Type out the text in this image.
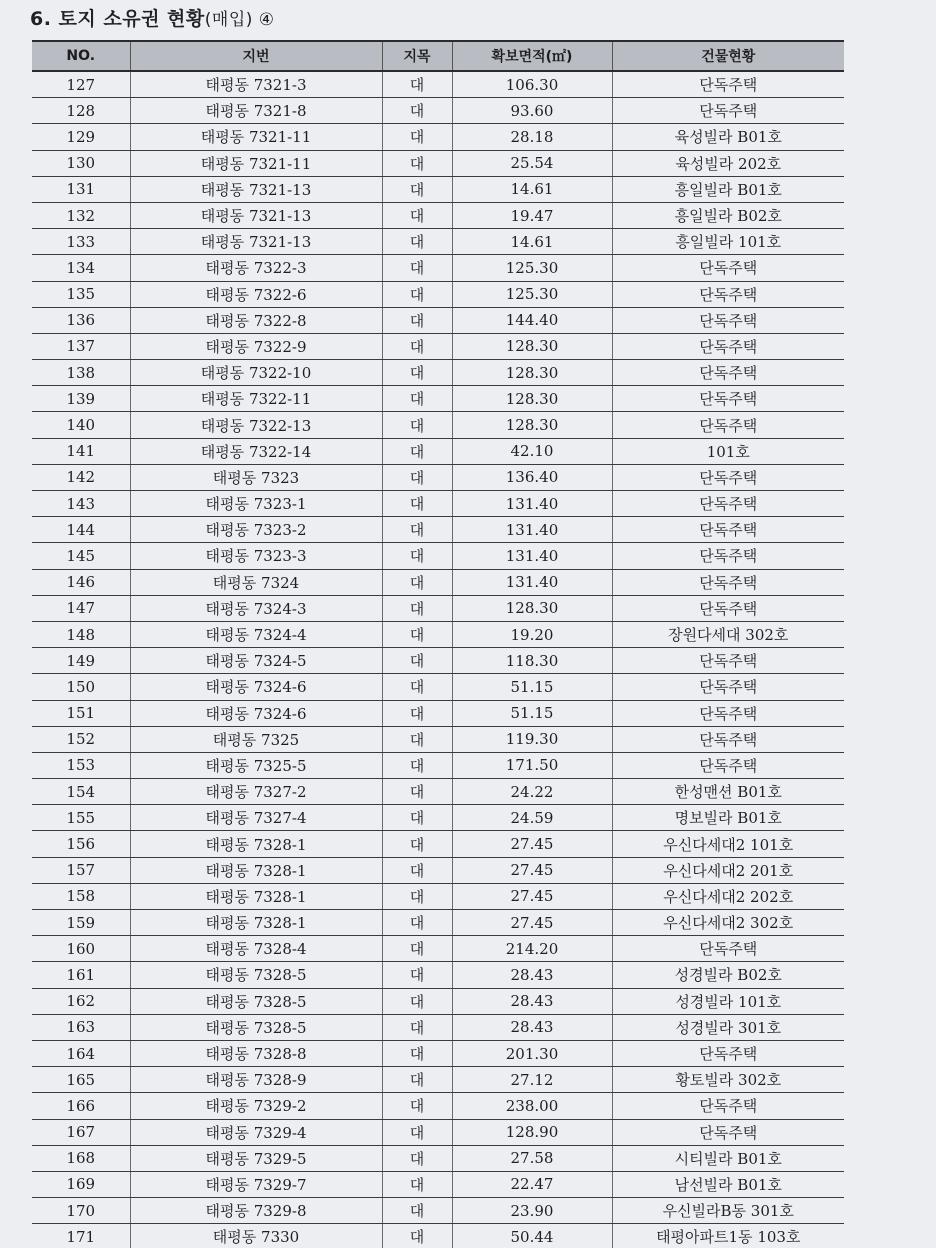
6. 토지 소유권 현황(매입) ④
NO.	지번	지목	확보면적(㎡)	건물현황
127	태평동 7321-3	대	106.30	단독주택
128	태평동 7321-8	대	93.60	단독주택
129	태평동 7321-11	대	28.18	육성빌라 B01호
130	태평동 7321-11	대	25.54	육성빌라 202호
131	태평동 7321-13	대	14.61	흥일빌라 B01호
132	태평동 7321-13	대	19.47	흥일빌라 B02호
133	태평동 7321-13	대	14.61	흥일빌라 101호
134	태평동 7322-3	대	125.30	단독주택
135	태평동 7322-6	대	125.30	단독주택
136	태평동 7322-8	대	144.40	단독주택
137	태평동 7322-9	대	128.30	단독주택
138	태평동 7322-10	대	128.30	단독주택
139	태평동 7322-11	대	128.30	단독주택
140	태평동 7322-13	대	128.30	단독주택
141	태평동 7322-14	대	42.10	101호
142	태평동 7323	대	136.40	단독주택
143	태평동 7323-1	대	131.40	단독주택
144	태평동 7323-2	대	131.40	단독주택
145	태평동 7323-3	대	131.40	단독주택
146	태평동 7324	대	131.40	단독주택
147	태평동 7324-3	대	128.30	단독주택
148	태평동 7324-4	대	19.20	장원다세대 302호
149	태평동 7324-5	대	118.30	단독주택
150	태평동 7324-6	대	51.15	단독주택
151	태평동 7324-6	대	51.15	단독주택
152	태평동 7325	대	119.30	단독주택
153	태평동 7325-5	대	171.50	단독주택
154	태평동 7327-2	대	24.22	한성맨션 B01호
155	태평동 7327-4	대	24.59	명보빌라 B01호
156	태평동 7328-1	대	27.45	우신다세대2 101호
157	태평동 7328-1	대	27.45	우신다세대2 201호
158	태평동 7328-1	대	27.45	우신다세대2 202호
159	태평동 7328-1	대	27.45	우신다세대2 302호
160	태평동 7328-4	대	214.20	단독주택
161	태평동 7328-5	대	28.43	성경빌라 B02호
162	태평동 7328-5	대	28.43	성경빌라 101호
163	태평동 7328-5	대	28.43	성경빌라 301호
164	태평동 7328-8	대	201.30	단독주택
165	태평동 7328-9	대	27.12	황토빌라 302호
166	태평동 7329-2	대	238.00	단독주택
167	태평동 7329-4	대	128.90	단독주택
168	태평동 7329-5	대	27.58	시티빌라 B01호
169	태평동 7329-7	대	22.47	남선빌라 B01호
170	태평동 7329-8	대	23.90	우신빌라B동 301호
171	태평동 7330	대	50.44	태평아파트1동 103호
